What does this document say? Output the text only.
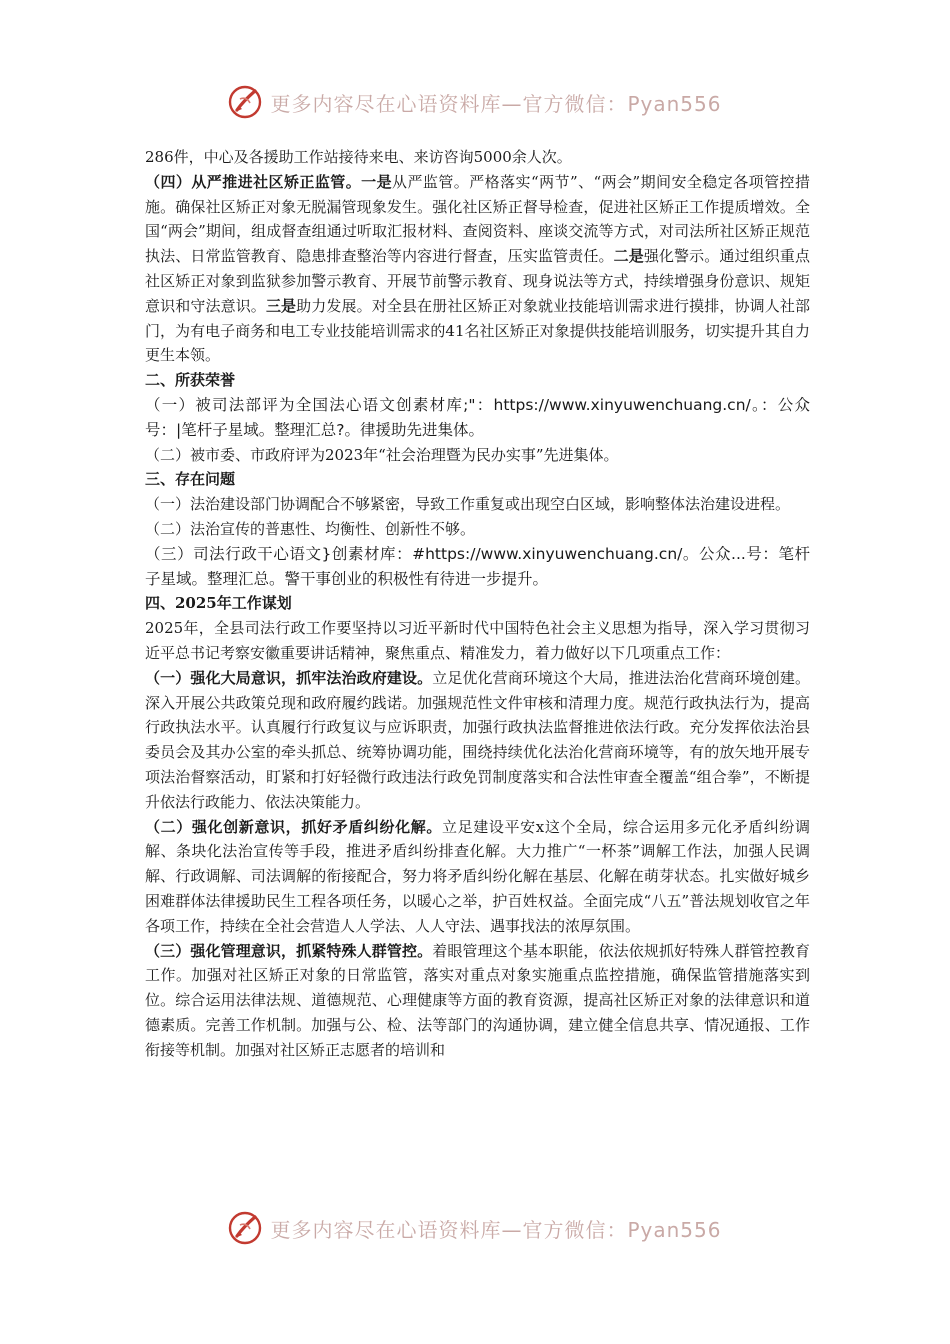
更多内容尽在心语资料库—官方微信：Pyan556

286件，中心及各援助工作站接待来电、来访咨询5000余人次。

（四）从严推进社区矫正监管。一是从严监管。严格落实“两节”、“两会”期间安全稳定各项管控措施。确保社区矫正对象无脱漏管现象发生。强化社区矫正督导检查，促进社区矫正工作提质增效。全国“两会”期间，组成督查组通过听取汇报材料、查阅资料、座谈交流等方式，对司法所社区矫正规范执法、日常监管教育、隐患排查整治等内容进行督查，压实监管责任。二是强化警示。通过组织重点社区矫正对象到监狱参加警示教育、开展节前警示教育、现身说法等方式，持续增强身份意识、规矩意识和守法意识。三是助力发展。对全县在册社区矫正对象就业技能培训需求进行摸排，协调人社部门，为有电子商务和电工专业技能培训需求的41名社区矫正对象提供技能培训服务，切实提升其自力更生本领。

二、所获荣誉

（一）被司法部评为全国法心语文创素材库;"：https://www.xinyuwenchuang.cn/。：公众号：|笔杆子星域。整理汇总?。律援助先进集体。

（二）被市委、市政府评为2023年“社会治理暨为民办实事”先进集体。

三、存在问题

（一）法治建设部门协调配合不够紧密，导致工作重复或出现空白区域，影响整体法治建设进程。

（二）法治宣传的普惠性、均衡性、创新性不够。

（三）司法行政干心语文}创素材库：#https://www.xinyuwenchuang.cn/。公众...号：笔杆子星域。整理汇总。警干事创业的积极性有待进一步提升。

四、2025年工作谋划

2025年，全县司法行政工作要坚持以习近平新时代中国特色社会主义思想为指导，深入学习贯彻习近平总书记考察安徽重要讲话精神，聚焦重点、精准发力，着力做好以下几项重点工作：

（一）强化大局意识，抓牢法治政府建设。立足优化营商环境这个大局，推进法治化营商环境创建。深入开展公共政策兑现和政府履约践诺。加强规范性文件审核和清理力度。规范行政执法行为，提高行政执法水平。认真履行行政复议与应诉职责，加强行政执法监督推进依法行政。充分发挥依法治县委员会及其办公室的牵头抓总、统筹协调功能，围绕持续优化法治化营商环境等，有的放矢地开展专项法治督察活动，盯紧和打好轻微行政违法行政免罚制度落实和合法性审查全覆盖“组合拳”，不断提升依法行政能力、依法决策能力。

（二）强化创新意识，抓好矛盾纠纷化解。立足建设平安x这个全局，综合运用多元化矛盾纠纷调解、条块化法治宣传等手段，推进矛盾纠纷排查化解。大力推广“一杯茶”调解工作法，加强人民调解、行政调解、司法调解的衔接配合，努力将矛盾纠纷化解在基层、化解在萌芽状态。扎实做好城乡困难群体法律援助民生工程各项任务，以暖心之举，护百姓权益。全面完成“八五”普法规划收官之年各项工作，持续在全社会营造人人学法、人人守法、遇事找法的浓厚氛围。

（三）强化管理意识，抓紧特殊人群管控。着眼管理这个基本职能，依法依规抓好特殊人群管控教育工作。加强对社区矫正对象的日常监管，落实对重点对象实施重点监控措施，确保监管措施落实到位。综合运用法律法规、道德规范、心理健康等方面的教育资源，提高社区矫正对象的法律意识和道德素质。完善工作机制。加强与公、检、法等部门的沟通协调，建立健全信息共享、情况通报、工作衔接等机制。加强对社区矫正志愿者的培训和

更多内容尽在心语资料库—官方微信：Pyan556
